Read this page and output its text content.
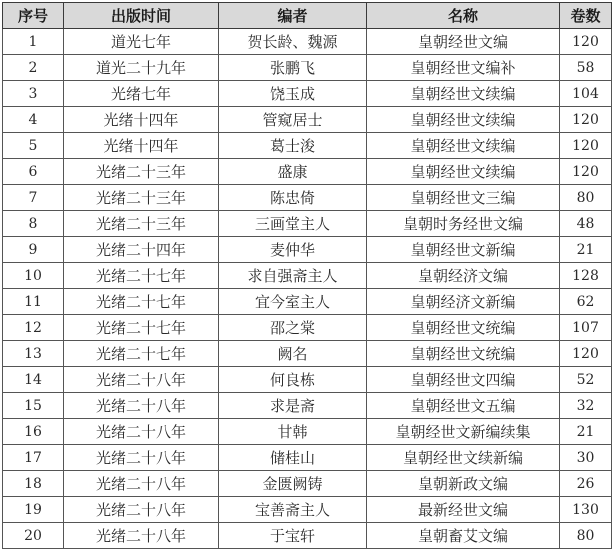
序号	出版时间	编者	名称	卷数
1	道光七年	贺长龄、魏源	皇朝经世文编	120
2	道光二十九年	张鹏飞	皇朝经世文编补	58
3	光绪七年	饶玉成	皇朝经世文续编	104
4	光绪十四年	管窥居士	皇朝经世文续编	120
5	光绪十四年	葛士浚	皇朝经世文续编	120
6	光绪二十三年	盛康	皇朝经世文续编	120
7	光绪二十三年	陈忠倚	皇朝经世文三编	80
8	光绪二十三年	三画堂主人	皇朝时务经世文编	48
9	光绪二十四年	麦仲华	皇朝经世文新编	21
10	光绪二十七年	求自强斋主人	皇朝经济文编	128
11	光绪二十七年	宜今室主人	皇朝经济文新编	62
12	光绪二十七年	邵之棠	皇朝经世文统编	107
13	光绪二十七年	阙名	皇朝经世文统编	120
14	光绪二十八年	何良栋	皇朝经世文四编	52
15	光绪二十八年	求是斋	皇朝经世文五编	32
16	光绪二十八年	甘韩	皇朝经世文新编续集	21
17	光绪二十八年	储桂山	皇朝经世文续新编	30
18	光绪二十八年	金匮阙铸	皇朝新政文编	26
19	光绪二十八年	宝善斋主人	最新经世文编	130
20	光绪二十八年	于宝轩	皇朝畜艾文编	80
